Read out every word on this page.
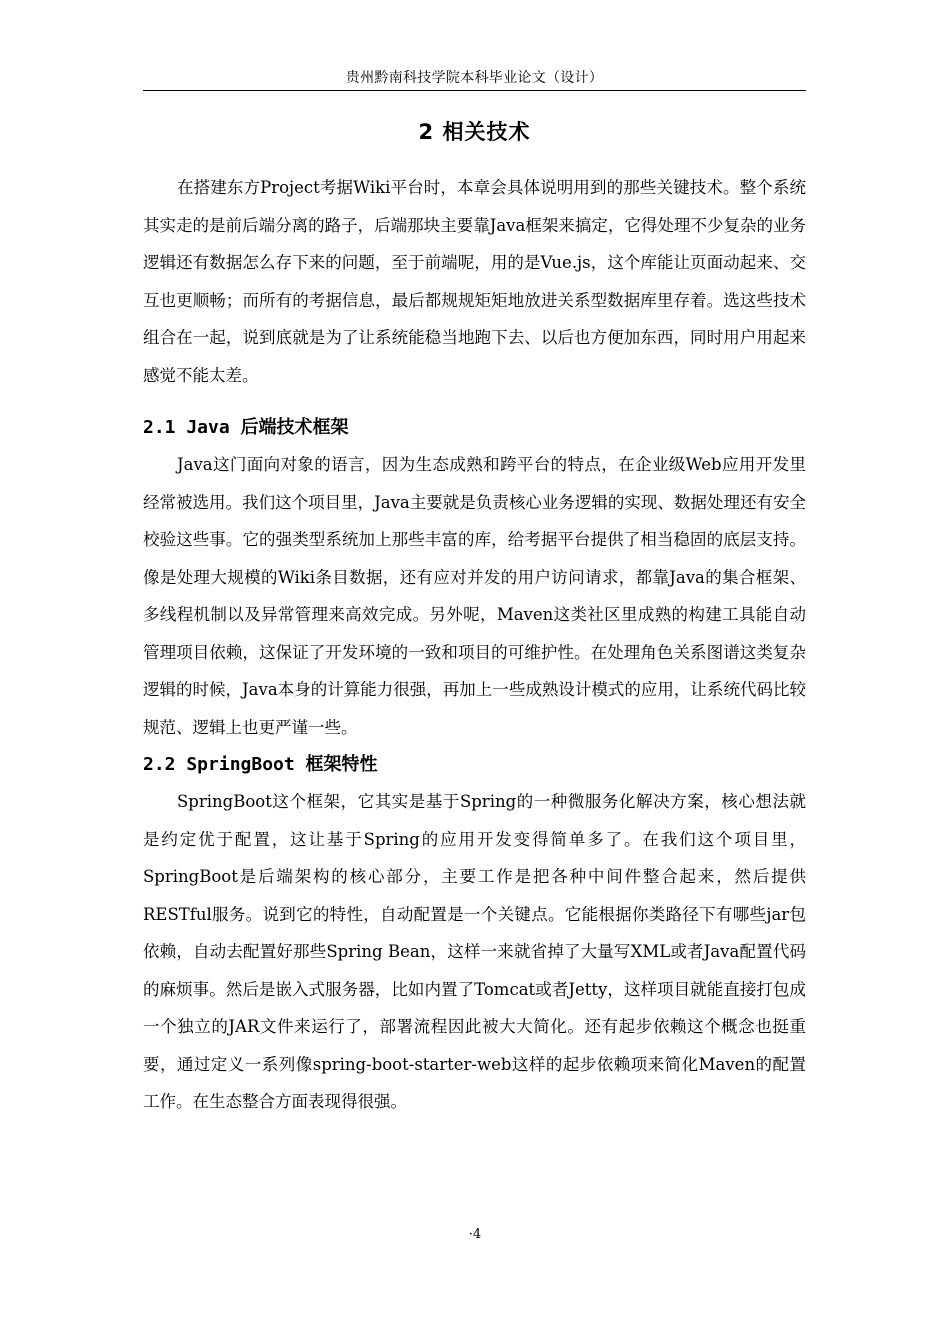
贵州黔南科技学院本科毕业论文（设计）
2 相关技术

在搭建东方Project考据Wiki平台时，本章会具体说明用到的那些关键技术。整个系统其实走的是前后端分离的路子，后端那块主要靠Java框架来搞定，它得处理不少复杂的业务逻辑还有数据怎么存下来的问题，至于前端呢，用的是Vue.js，这个库能让页面动起来、交互也更顺畅；而所有的考据信息，最后都规规矩矩地放进关系型数据库里存着。选这些技术组合在一起，说到底就是为了让系统能稳当地跑下去、以后也方便加东西，同时用户用起来感觉不能太差。

2.1 Java 后端技术框架

Java这门面向对象的语言，因为生态成熟和跨平台的特点，在企业级Web应用开发里经常被选用。我们这个项目里，Java主要就是负责核心业务逻辑的实现、数据处理还有安全校验这些事。它的强类型系统加上那些丰富的库，给考据平台提供了相当稳固的底层支持。像是处理大规模的Wiki条目数据，还有应对并发的用户访问请求，都靠Java的集合框架、多线程机制以及异常管理来高效完成。另外呢，Maven这类社区里成熟的构建工具能自动管理项目依赖，这保证了开发环境的一致和项目的可维护性。在处理角色关系图谱这类复杂逻辑的时候，Java本身的计算能力很强，再加上一些成熟设计模式的应用，让系统代码比较规范、逻辑上也更严谨一些。

2.2 SpringBoot 框架特性

SpringBoot这个框架，它其实是基于Spring的一种微服务化解决方案，核心想法就是约定优于配置，这让基于Spring的应用开发变得简单多了。在我们这个项目里，SpringBoot是后端架构的核心部分，主要工作是把各种中间件整合起来，然后提供RESTful服务。说到它的特性，自动配置是一个关键点。它能根据你类路径下有哪些jar包依赖，自动去配置好那些Spring Bean，这样一来就省掉了大量写XML或者Java配置代码的麻烦事。然后是嵌入式服务器，比如内置了Tomcat或者Jetty，这样项目就能直接打包成一个独立的JAR文件来运行了，部署流程因此被大大简化。还有起步依赖这个概念也挺重要，通过定义一系列像spring-boot-starter-web这样的起步依赖项来简化Maven的配置工作。在生态整合方面表现得很强。

·4
